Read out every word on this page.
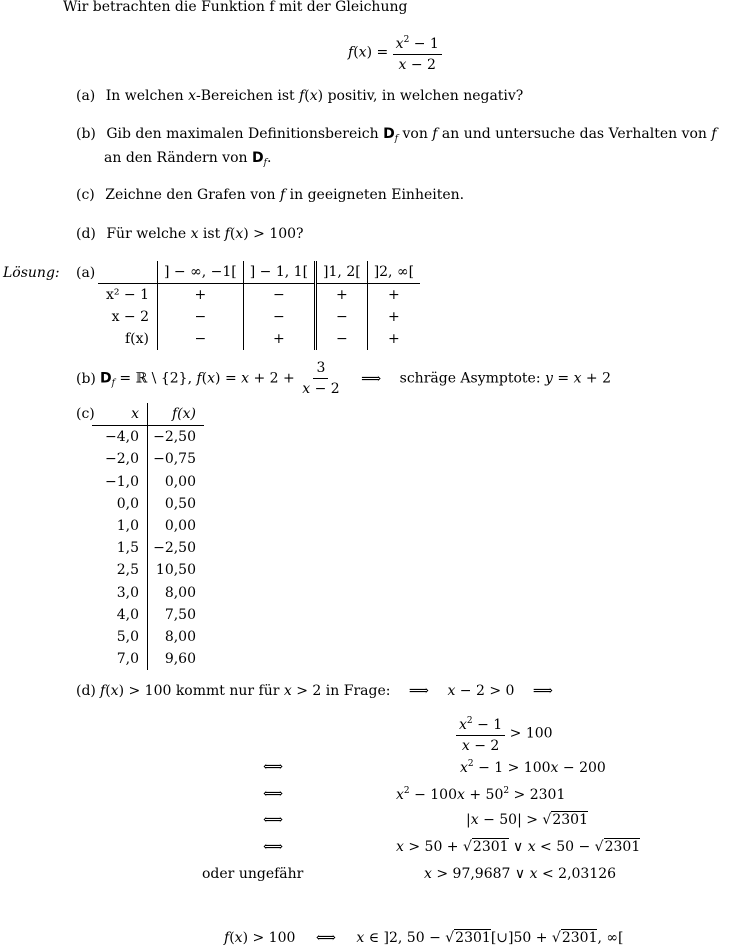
Wir betrachten die Funktion f mit der Gleichung
$f(x) = \frac{x^2 - 1}{x - 2}$
(a) In welchen x-Bereichen ist f(x) positiv, in welchen negativ?
(b) Gib den maximalen Definitionsbereich $D_f$ von f an und untersuche das Verhalten von f
an den Rändern von $D_f$.
(c) Zeichne den Grafen von f in geeigneten Einheiten.
(d) Für welche x ist f(x) > 100?
Lösung: (a)
		] − ∞, −1[	] − 1, 1[	]1, 2[	]2, ∞[
x² − 1	+	−	+	+
x − 2	−	−	−	+
f(x)	−	+	−	+
(b) $D_f$ = ℝ \ {2}, $f(x) = x + 2 + \frac{3}{x - 2}$ ⟹ schräge Asymptote: y = x + 2
(c)	x	f(x)
−4,0	−2,50
−2,0	−0,75
−1,0	0,00
0,0	0,50
1,0	0,00
1,5	−2,50
2,5	10,50
3,0	8,00
4,0	7,50
5,0	8,00
7,0	9,60
(d) f(x) > 100 kommt nur für x > 2 in Frage: ⟹ x − 2 > 0 ⟹
$\frac{x^2 - 1}{x - 2} > 100$
⟺	$x^2 - 1 > 100x - 200$
⟺	$x^2 - 100x + 50^2 > 2301$
⟺	|x − 50| > √2301
⟺	x > 50 + √2301 ∨ x < 50 − √2301
oder ungefähr	x > 97,9687 ∨ x < 2,03126
f(x) > 100 ⟺ x ∈ ]2, 50 − √2301[∪]50 + √2301, ∞[
